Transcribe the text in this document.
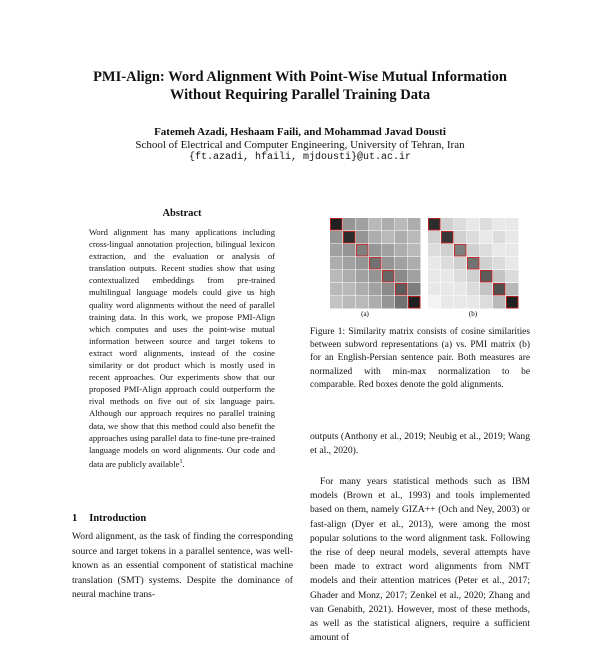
PMI-Align: Word Alignment With Point-Wise Mutual Information
Without Requiring Parallel Training Data
Fatemeh Azadi, Heshaam Faili, and Mohammad Javad Dousti
School of Electrical and Computer Engineering, University of Tehran, Iran
{ft.azadi, hfaili, mjdousti}@ut.ac.ir
Abstract
Word alignment has many applications including cross-lingual annotation projection, bilingual lexicon extraction, and the evaluation or analysis of translation outputs. Recent studies show that using contextualized embeddings from pre-trained multilingual language models could give us high quality word alignments without the need of parallel training data. In this work, we propose PMI-Align which computes and uses the point-wise mutual information between source and target tokens to extract word alignments, instead of the cosine similarity or dot product which is mostly used in recent approaches. Our experiments show that our proposed PMI-Align approach could outperform the rival methods on five out of six language pairs. Although our approach requires no parallel training data, we show that this method could also benefit the approaches using parallel data to fine-tune pre-trained language models on word alignments. Our code and data are publicly available$^1$.
1 Introduction
Word alignment, as the task of finding the corresponding source and target tokens in a parallel sentence, was well-known as an essential component of statistical machine translation (SMT) systems. Despite the dominance of neural machine trans-
(a)	(b)
Figure 1: Similarity matrix consists of cosine similarities between subword representations (a) vs. PMI matrix (b) for an English-Persian sentence pair. Both measures are normalized with min-max normalization to be comparable. Red boxes denote the gold alignments.
outputs (Anthony et al., 2019; Neubig et al., 2019; Wang et al., 2020).
For many years statistical methods such as IBM models (Brown et al., 1993) and tools implemented based on them, namely GIZA++ (Och and Ney, 2003) or fast-align (Dyer et al., 2013), were among the most popular solutions to the word alignment task. Following the rise of deep neural models, several attempts have been made to extract word alignments from NMT models and their attention matrices (Peter et al., 2017; Ghader and Monz, 2017; Zenkel et al., 2020; Zhang and van Genabith, 2021). However, most of these methods, as well as the statistical aligners, require a sufficient amount of
